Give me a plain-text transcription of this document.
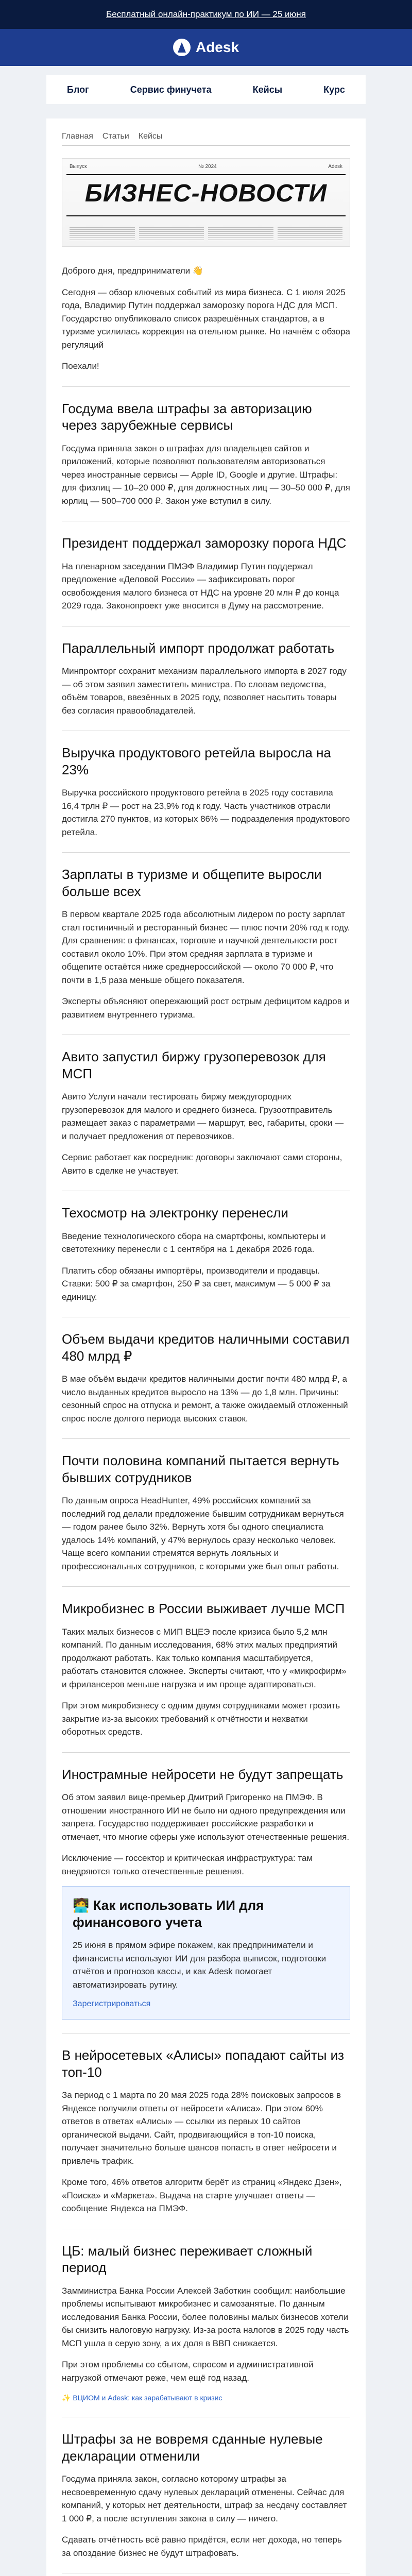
Бесплатный онлайн-практикум по ИИ — 25 июня
Adesk
Блог	Сервис финучета	Кейсы	Курс
Главная Статьи Кейсы
Выпуск	№ 2024	Adesk
БИЗНЕС-НОВОСТИ

Доброго дня, предприниматели 👋

Сегодня — обзор ключевых событий из мира бизнеса. С 1 июля 2025 года, Владимир Путин поддержал заморозку порога НДС для МСП. Государство опубликовало список разрешённых стандартов, а в туризме усилилась коррекция на отельном рынке. Но начнём с обзора регуляций

Поехали!

Госдума ввела штрафы за авторизацию через зарубежные сервисы

Госдума приняла закон о штрафах для владельцев сайтов и приложений, которые позволяют пользователям авторизоваться через иностранные сервисы — Apple ID, Google и другие. Штрафы: для физлиц — 10–20 000 ₽, для должностных лиц — 30–50 000 ₽, для юрлиц — 500–700 000 ₽. Закон уже вступил в силу.

Президент поддержал заморозку порога НДС

На пленарном заседании ПМЭФ Владимир Путин поддержал предложение «Деловой России» — зафиксировать порог освобождения малого бизнеса от НДС на уровне 20 млн ₽ до конца 2029 года. Законопроект уже вносится в Думу на рассмотрение.

Параллельный импорт продолжат работать

Минпромторг сохранит механизм параллельного импорта в 2027 году — об этом заявил заместитель министра. По словам ведомства, объём товаров, ввезённых в 2025 году, позволяет насытить товары без согласия правообладателей.

Выручка продуктового ретейла выросла на 23%

Выручка российского продуктового ретейла в 2025 году составила 16,4 трлн ₽ — рост на 23,9% год к году. Часть участников отрасли достигла 270 пунктов, из которых 86% — подразделения продуктового ретейла.

Зарплаты в туризме и общепите выросли больше всех

В первом квартале 2025 года абсолютным лидером по росту зарплат стал гостиничный и ресторанный бизнес — плюс почти 20% год к году. Для сравнения: в финансах, торговле и научной деятельности рост составил около 10%. При этом средняя зарплата в туризме и общепите остаётся ниже среднероссийской — около 70 000 ₽, что почти в 1,5 раза меньше общего показателя.

Эксперты объясняют опережающий рост острым дефицитом кадров и развитием внутреннего туризма.

Авито запустил биржу грузоперевозок для МСП

Авито Услуги начали тестировать биржу междугородних грузоперевозок для малого и среднего бизнеса. Грузоотправитель размещает заказ с параметрами — маршрут, вес, габариты, сроки — и получает предложения от перевозчиков.

Сервис работает как посредник: договоры заключают сами стороны, Авито в сделке не участвует.

Техосмотр на электронку перенесли

Введение технологического сбора на смартфоны, компьютеры и светотехнику перенесли с 1 сентября на 1 декабря 2026 года.

Платить сбор обязаны импортёры, производители и продавцы. Ставки: 500 ₽ за смартфон, 250 ₽ за свет, максимум — 5 000 ₽ за единицу.

Объем выдачи кредитов наличными составил 480 млрд ₽

В мае объём выдачи кредитов наличными достиг почти 480 млрд ₽, а число выданных кредитов выросло на 13% — до 1,8 млн. Причины: сезонный спрос на отпуска и ремонт, а также ожидаемый отложенный спрос после долгого периода высоких ставок.

Почти половина компаний пытается вернуть бывших сотрудников

По данным опроса HeadHunter, 49% российских компаний за последний год делали предложение бывшим сотрудникам вернуться — годом ранее было 32%. Вернуть хотя бы одного специалиста удалось 14% компаний, у 47% вернулось сразу несколько человек. Чаще всего компании стремятся вернуть лояльных и профессиональных сотрудников, с которыми уже был опыт работы.

Микробизнес в России выживает лучше МСП

Таких малых бизнесов с МИП ВЦЕЭ после кризиса было 5,2 млн компаний. По данным исследования, 68% этих малых предприятий продолжают работать. Как только компания масштабируется, работать становится сложнее. Эксперты считают, что у «микрофирм» и фрилансеров меньше нагрузка и им проще адаптироваться.

При этом микробизнесу с одним двумя сотрудниками может грозить закрытие из-за высоких требований к отчётности и нехватки оборотных средств.

Инострамные нейросети не будут запрещать

Об этом заявил вице-премьер Дмитрий Григоренко на ПМЭФ. В отношении иностранного ИИ не было ни одного предупреждения или запрета. Государство поддерживает российские разработки и отмечает, что многие сферы уже используют отечественные решения.

Исключение — госсектор и критическая инфраструктура: там внедряются только отечественные решения.

🧑‍💻 Как использовать ИИ для финансового учета

25 июня в прямом эфире покажем, как предприниматели и финансисты используют ИИ для разбора выписок, подготовки отчётов и прогнозов кассы, и как Adesk помогает автоматизировать рутину.

Зарегистрироваться
В нейросетевых «Алисы» попадают сайты из топ-10

За период с 1 марта по 20 мая 2025 года 28% поисковых запросов в Яндексе получили ответы от нейросети «Алиса». При этом 60% ответов в ответах «Алисы» — ссылки из первых 10 сайтов органической выдачи. Сайт, продвигающийся в топ-10 поиска, получает значительно больше шансов попасть в ответ нейросети и привлечь трафик.

Кроме того, 46% ответов алгоритм берёт из страниц «Яндекс Дзен», «Поиска» и «Маркета». Выдача на старте улучшает ответы — сообщение Яндекса на ПМЭФ.

ЦБ: малый бизнес переживает сложный период

Замминистра Банка России Алексей Заботкин сообщил: наибольшие проблемы испытывают микробизнес и самозанятые. По данным исследования Банка России, более половины малых бизнесов хотели бы снизить налоговую нагрузку. Из-за роста налогов в 2025 году часть МСП ушла в серую зону, а их доля в ВВП снижается.

При этом проблемы со сбытом, спросом и административной нагрузкой отмечают реже, чем ещё год назад.

✨ ВЦИОМ и Adesk: как зарабатывают в кризис

Штрафы за не вовремя сданные нулевые декларации отменили

Госдума приняла закон, согласно которому штрафы за несвоевременную сдачу нулевых деклараций отменены. Сейчас для компаний, у которых нет деятельности, штраф за несдачу составляет 1 000 ₽, а после вступления закона в силу — ничего.

Сдавать отчётность всё равно придётся, если нет дохода, но теперь за опоздание бизнес не будут штрафовать.
